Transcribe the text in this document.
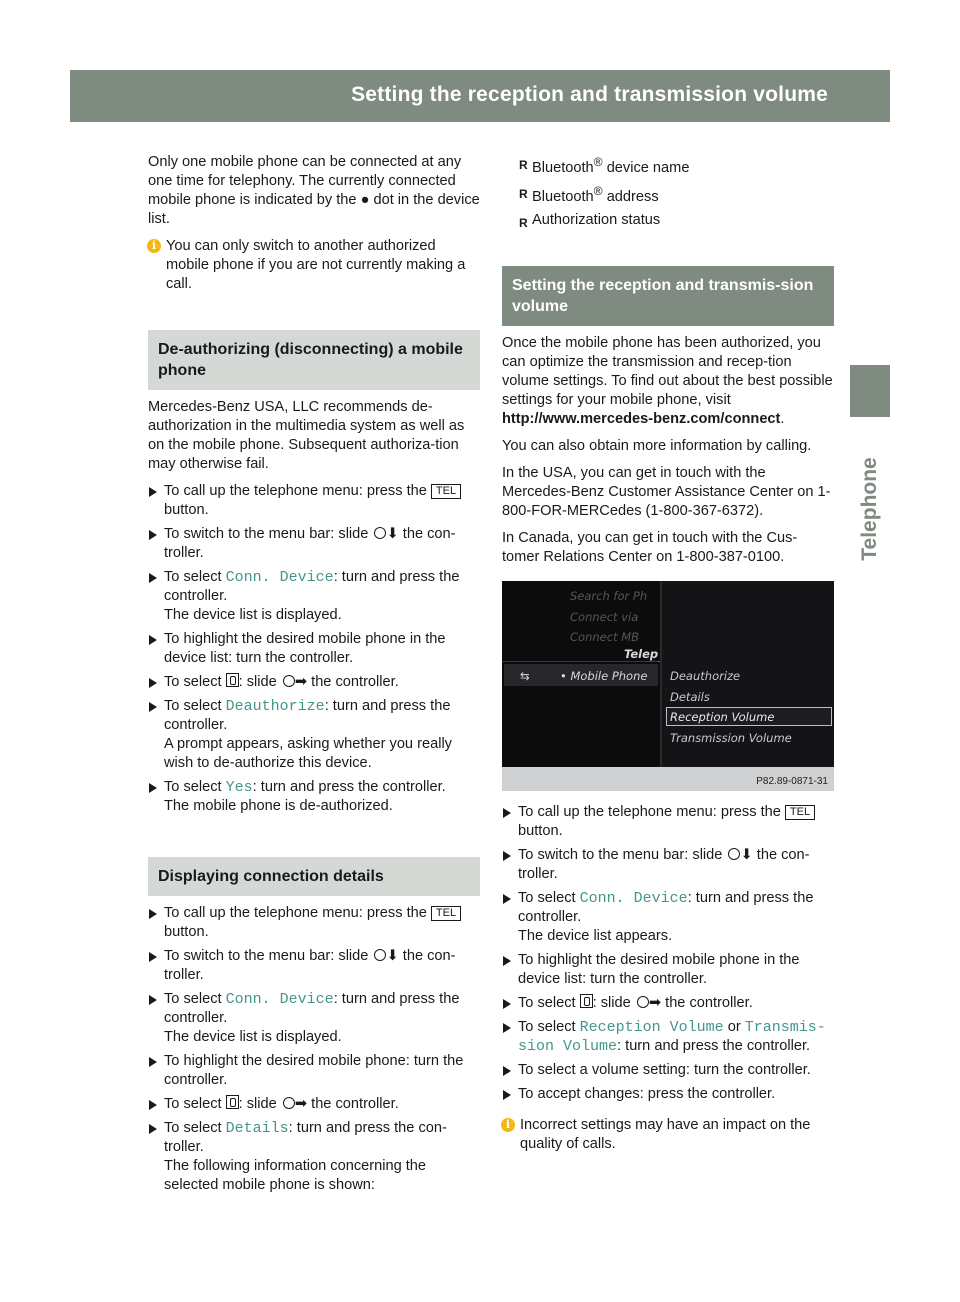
Setting the reception and transmission volume	97
Telephone

Only one mobile phone can be connected at any one time for telephony. The currently connected mobile phone is indicated by the ● dot in the device list.

i You can only switch to another authorized mobile phone if you are not currently making a call.
De-authorizing (disconnecting) a mobile phone

Mercedes-Benz USA, LLC recommends de-authorization in the multimedia system as well as on the mobile phone. Subsequent authoriza-tion may otherwise fail.

To call up the telephone menu: press the TELbutton.
To switch to the menu bar: slide ⬇ the con-troller.
To select Conn. Device: turn and press the controller.
The device list is displayed.
To highlight the desired mobile phone in the device list: turn the controller.
To select : slide ➡ the controller.
To select Deauthorize: turn and press the controller.
A prompt appears, asking whether you really wish to de-authorize this device.
To select Yes: turn and press the controller.
The mobile phone is de-authorized.
Displaying connection details
To call up the telephone menu: press the TELbutton.
To switch to the menu bar: slide ⬇ the con-troller.
To select Conn. Device: turn and press the controller.
The device list is displayed.
To highlight the desired mobile phone: turn the controller.
To select : slide ➡ the controller.
To select Details: turn and press the con-troller.
The following information concerning the selected mobile phone is shown:
R Bluetooth® device name
R Bluetooth® address
R Authorization status
Setting the reception and transmis-sion volume

Once the mobile phone has been authorized, you can optimize the transmission and recep-tion volume settings. To find out about the best possible settings for your mobile phone, visit http://www.mercedes-benz.com/connect.

You can also obtain more information by calling.

In the USA, you can get in touch with the Mercedes-Benz Customer Assistance Center on 1-800-FOR-MERCedes (1-800-367-6372).

In Canada, you can get in touch with the Cus-tomer Relations Center on 1-800-387-0100.

Search for Ph
Connect via
Connect MB
Telep
⇆	• Mobile Phone Deauthorize
Details
Reception Volume
Transmission Volume
P82.89-0871-31
To call up the telephone menu: press the TELbutton.
To switch to the menu bar: slide ⬇ the con-troller.
To select Conn. Device: turn and press the controller.
The device list appears.
To highlight the desired mobile phone in the device list: turn the controller.
To select : slide ➡ the controller.
To select Reception Volume or Transmis-sion Volume: turn and press the controller.
To select a volume setting: turn the controller.
To accept changes: press the controller.
i Incorrect settings may have an impact on the quality of calls.
